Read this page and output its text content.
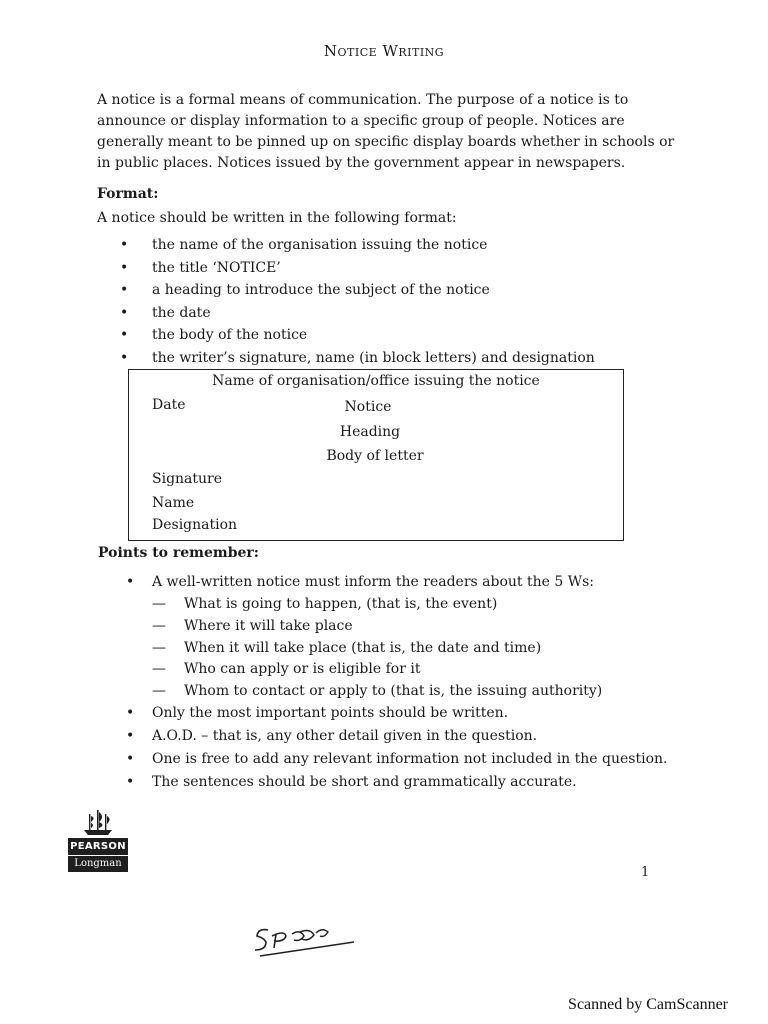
Notice Writing

A notice is a formal means of communication. The purpose of a notice is to announce or display information to a specific group of people. Notices are generally meant to be pinned up on specific display boards whether in schools or in public places. Notices issued by the government appear in newspapers.

Format:
A notice should be written in the following format:
• the name of the organisation issuing the notice
• the title ‘NOTICE’
• a heading to introduce the subject of the notice
• the date
• the body of the notice
• the writer’s signature, name (in block letters) and designation
Name of organisation/office issuing the notice
Date	Notice
Heading
Body of letter
Signature
Name
Designation
Points to remember:
• A well-written notice must inform the readers about the 5 Ws:
— What is going to happen, (that is, the event)
— Where it will take place
— When it will take place (that is, the date and time)
— Who can apply or is eligible for it
— Whom to contact or apply to (that is, the issuing authority)
• Only the most important points should be written.
• A.O.D. – that is, any other detail given in the question.
• One is free to add any relevant information not included in the question.
• The sentences should be short and grammatically accurate.
PEARSON
Longman
1
Scanned by CamScanner
